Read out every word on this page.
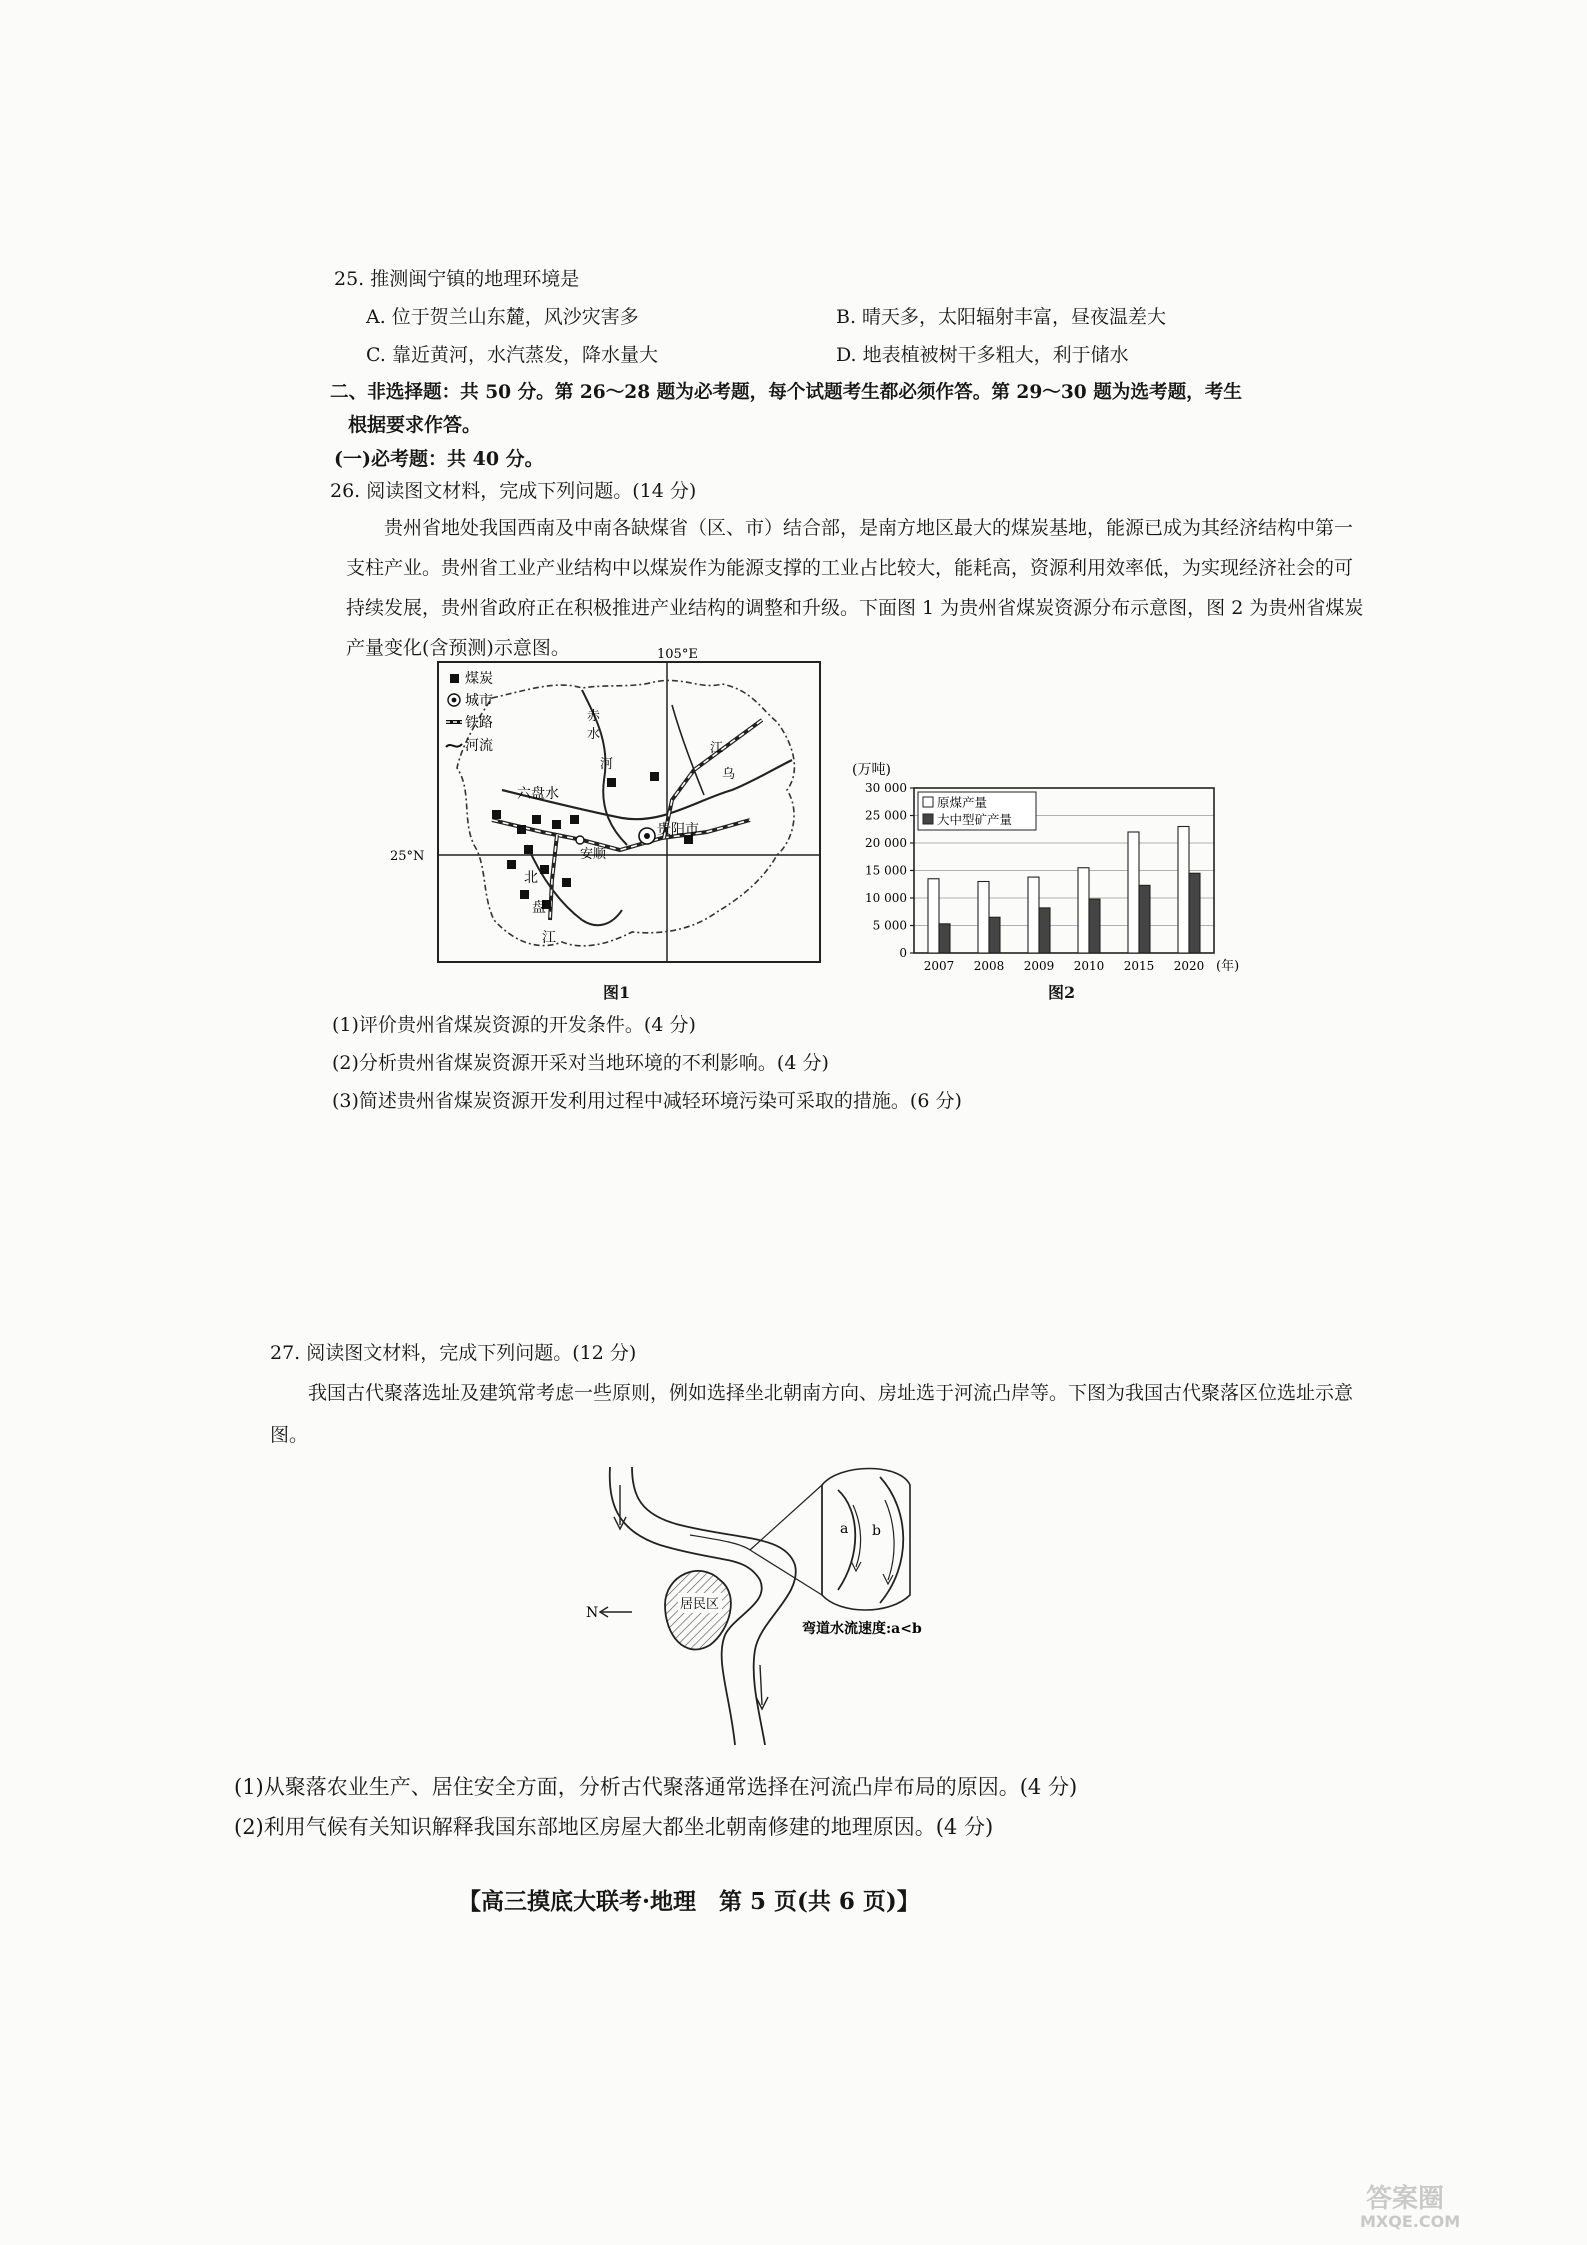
25. 推测闽宁镇的地理环境是
A. 位于贺兰山东麓，风沙灾害多	B. 晴天多，太阳辐射丰富，昼夜温差大
C. 靠近黄河，水汽蒸发，降水量大	D. 地表植被树干多粗大，利于储水
二、非选择题：共 50 分。第 26～28 题为必考题，每个试题考生都必须作答。第 29～30 题为选考题，考生
根据要求作答。
(一)必考题：共 40 分。
26. 阅读图文材料，完成下列问题。(14 分)
贵州省地处我国西南及中南各缺煤省（区、市）结合部，是南方地区最大的煤炭基地，能源已成为其经济结构中第一支柱产业。贵州省工业产业结构中以煤炭作为能源支撑的工业占比较大，能耗高，资源利用效率低，为实现经济社会的可持续发展，贵州省政府正在积极推进产业结构的调整和升级。下面图 1 为贵州省煤炭资源分布示意图，图 2 为贵州省煤炭产量变化(含预测)示意图。	105°E
25°N
贵阳市
六盘水
安顺
赤
水
河
江
乌
北
盘
江
煤炭
城市
铁路
河流
图1
(万吨)
0
5 000
10 000
15 000
20 000
25 000
30 000
2007 2008 2009 2010 2015 2020 (年)
原煤产量
大中型矿产量
图2
(1)评价贵州省煤炭资源的开发条件。(4 分)
(2)分析贵州省煤炭资源开采对当地环境的不利影响。(4 分)
(3)简述贵州省煤炭资源开发利用过程中减轻环境污染可采取的措施。(6 分)
27. 阅读图文材料，完成下列问题。(12 分)
我国古代聚落选址及建筑常考虑一些原则，例如选择坐北朝南方向、房址选于河流凸岸等。下图为我国古代聚落区位选址示意图。
居民区
N
a b
弯道水流速度:a<b
(1)从聚落农业生产、居住安全方面，分析古代聚落通常选择在河流凸岸布局的原因。(4 分)
(2)利用气候有关知识解释我国东部地区房屋大都坐北朝南修建的地理原因。(4 分)
【高三摸底大联考·地理　第 5 页(共 6 页)】
答案圈
MXQE.COM
